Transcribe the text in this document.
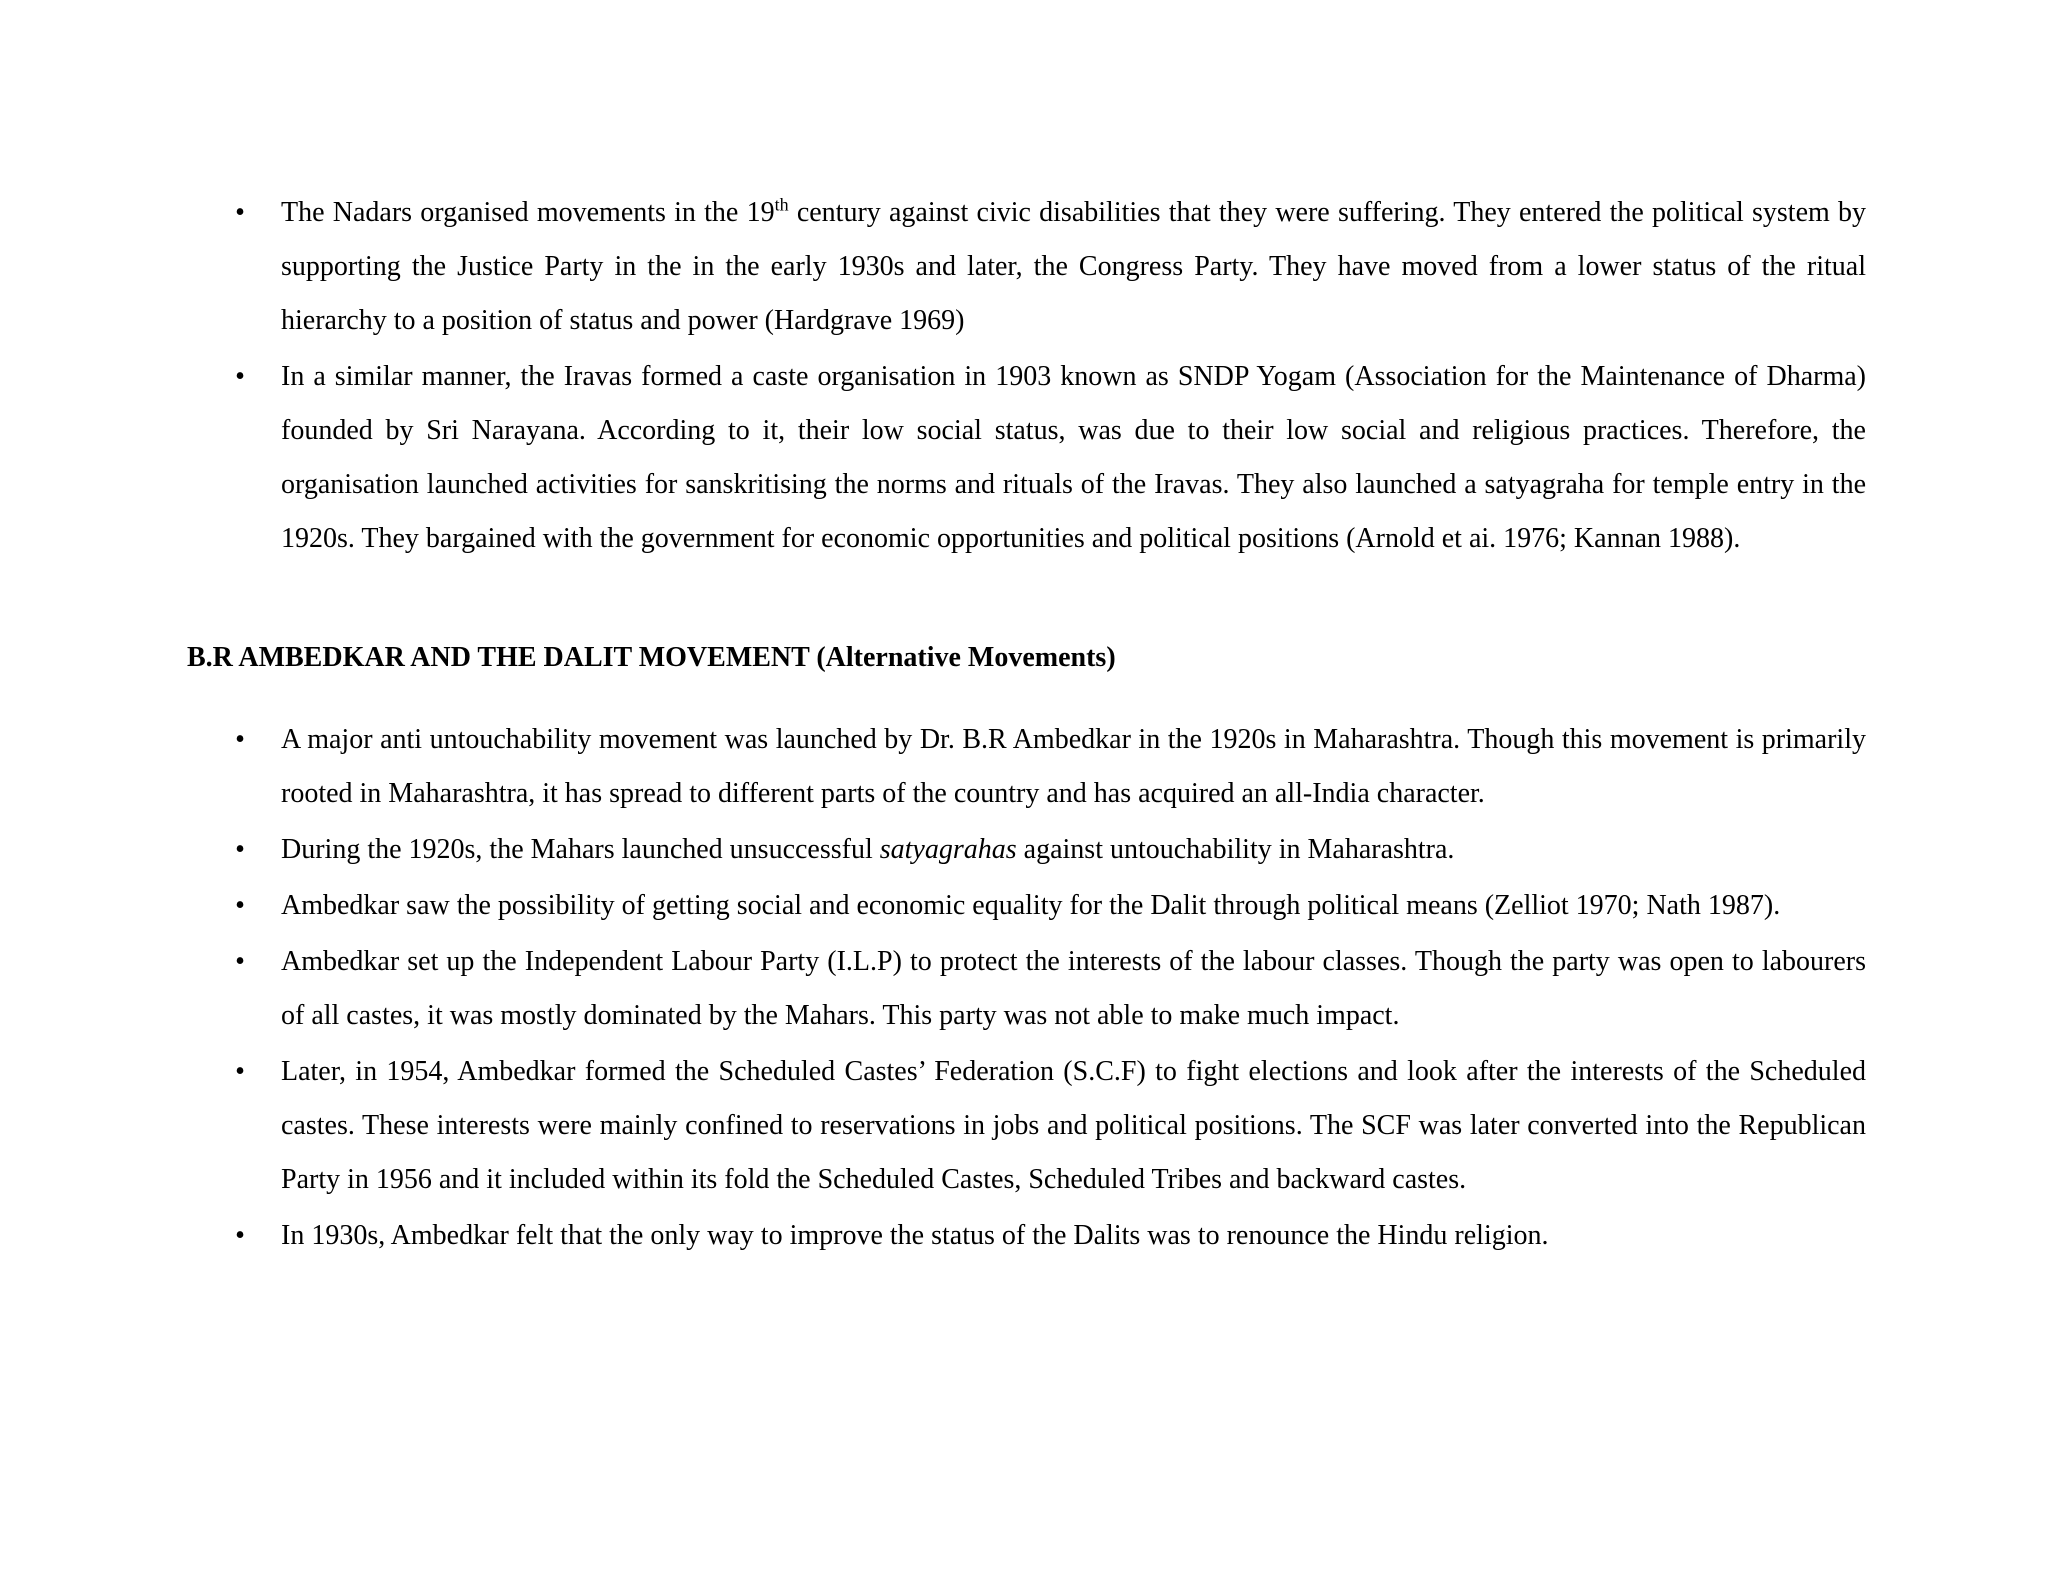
• The Nadars organised movements in the 19th century against civic disabilities that they were suffering. They entered the political system by supporting the Justice Party in the in the early 1930s and later, the Congress Party. They have moved from a lower status of the ritual hierarchy to a position of status and power (Hardgrave 1969)
• In a similar manner, the Iravas formed a caste organisation in 1903 known as SNDP Yogam (Association for the Maintenance of Dharma) founded by Sri Narayana. According to it, their low social status, was due to their low social and religious practices. Therefore, the organisation launched activities for sanskritising the norms and rituals of the Iravas. They also launched a satyagraha for temple entry in the 1920s. They bargained with the government for economic opportunities and political positions (Arnold et ai. 1976; Kannan 1988).
B.R AMBEDKAR AND THE DALIT MOVEMENT (Alternative Movements)
• A major anti untouchability movement was launched by Dr. B.R Ambedkar in the 1920s in Maharashtra. Though this movement is primarily rooted in Maharashtra, it has spread to different parts of the country and has acquired an all-India character.
• During the 1920s, the Mahars launched unsuccessful satyagrahas against untouchability in Maharashtra.
• Ambedkar saw the possibility of getting social and economic equality for the Dalit through political means (Zelliot 1970; Nath 1987).
• Ambedkar set up the Independent Labour Party (I.L.P) to protect the interests of the labour classes. Though the party was open to labourers of all castes, it was mostly dominated by the Mahars. This party was not able to make much impact.
• Later, in 1954, Ambedkar formed the Scheduled Castes’ Federation (S.C.F) to fight elections and look after the interests of the Scheduled castes. These interests were mainly confined to reservations in jobs and political positions. The SCF was later converted into the Republican Party in 1956 and it included within its fold the Scheduled Castes, Scheduled Tribes and backward castes.
• In 1930s, Ambedkar felt that the only way to improve the status of the Dalits was to renounce the Hindu religion.
